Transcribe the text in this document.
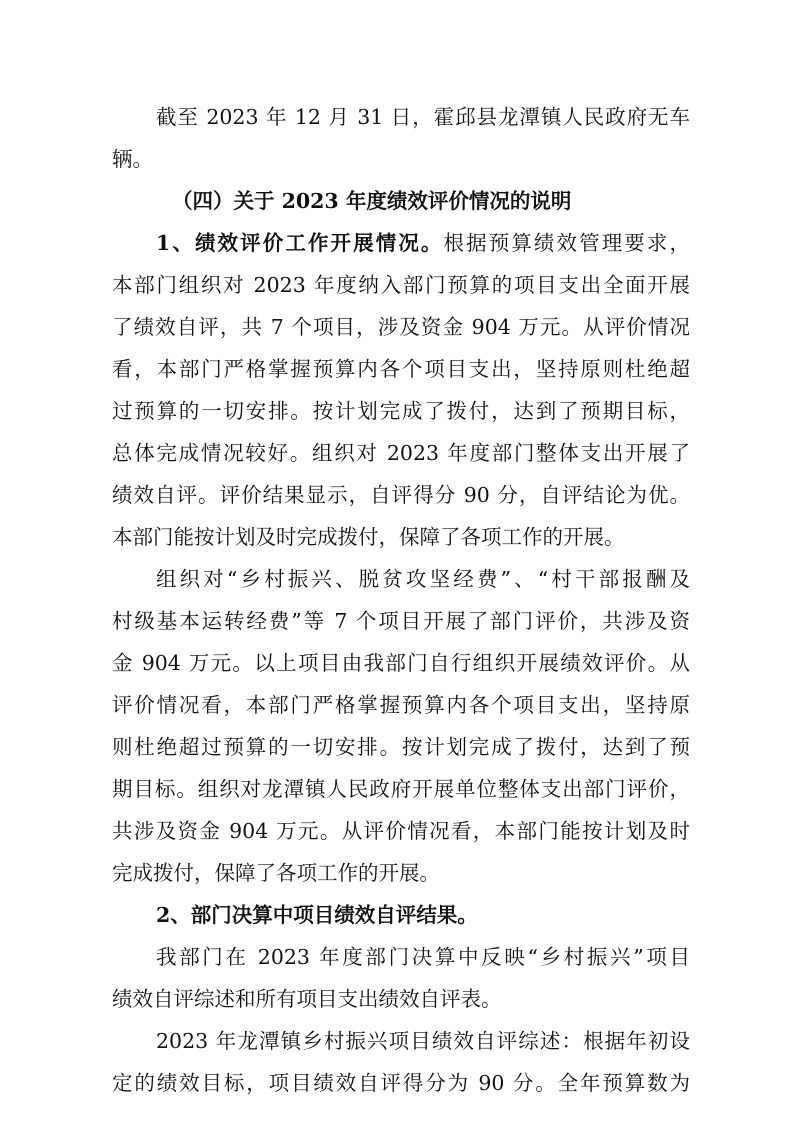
截至 2023 年 12 月 31 日，霍邱县龙潭镇人民政府无车
辆。
（四）关于 2023 年度绩效评价情况的说明
1、绩效评价工作开展情况。根据预算绩效管理要求，
本部门组织对 2023 年度纳入部门预算的项目支出全面开展
了绩效自评，共 7 个项目，涉及资金 904 万元。从评价情况
看，本部门严格掌握预算内各个项目支出，坚持原则杜绝超
过预算的一切安排。按计划完成了拨付，达到了预期目标，
总体完成情况较好。组织对 2023 年度部门整体支出开展了
绩效自评。评价结果显示，自评得分 90 分，自评结论为优。
本部门能按计划及时完成拨付，保障了各项工作的开展。
组织对“乡村振兴、脱贫攻坚经费”、“村干部报酬及
村级基本运转经费”等 7 个项目开展了部门评价，共涉及资
金 904 万元。以上项目由我部门自行组织开展绩效评价。从
评价情况看，本部门严格掌握预算内各个项目支出，坚持原
则杜绝超过预算的一切安排。按计划完成了拨付，达到了预
期目标。组织对龙潭镇人民政府开展单位整体支出部门评价，
共涉及资金 904 万元。从评价情况看，本部门能按计划及时
完成拨付，保障了各项工作的开展。
2、部门决算中项目绩效自评结果。
我部门在 2023 年度部门决算中反映“乡村振兴”项目
绩效自评综述和所有项目支出绩效自评表。
2023 年龙潭镇乡村振兴项目绩效自评综述：根据年初设
定的绩效目标，项目绩效自评得分为 90 分。全年预算数为
